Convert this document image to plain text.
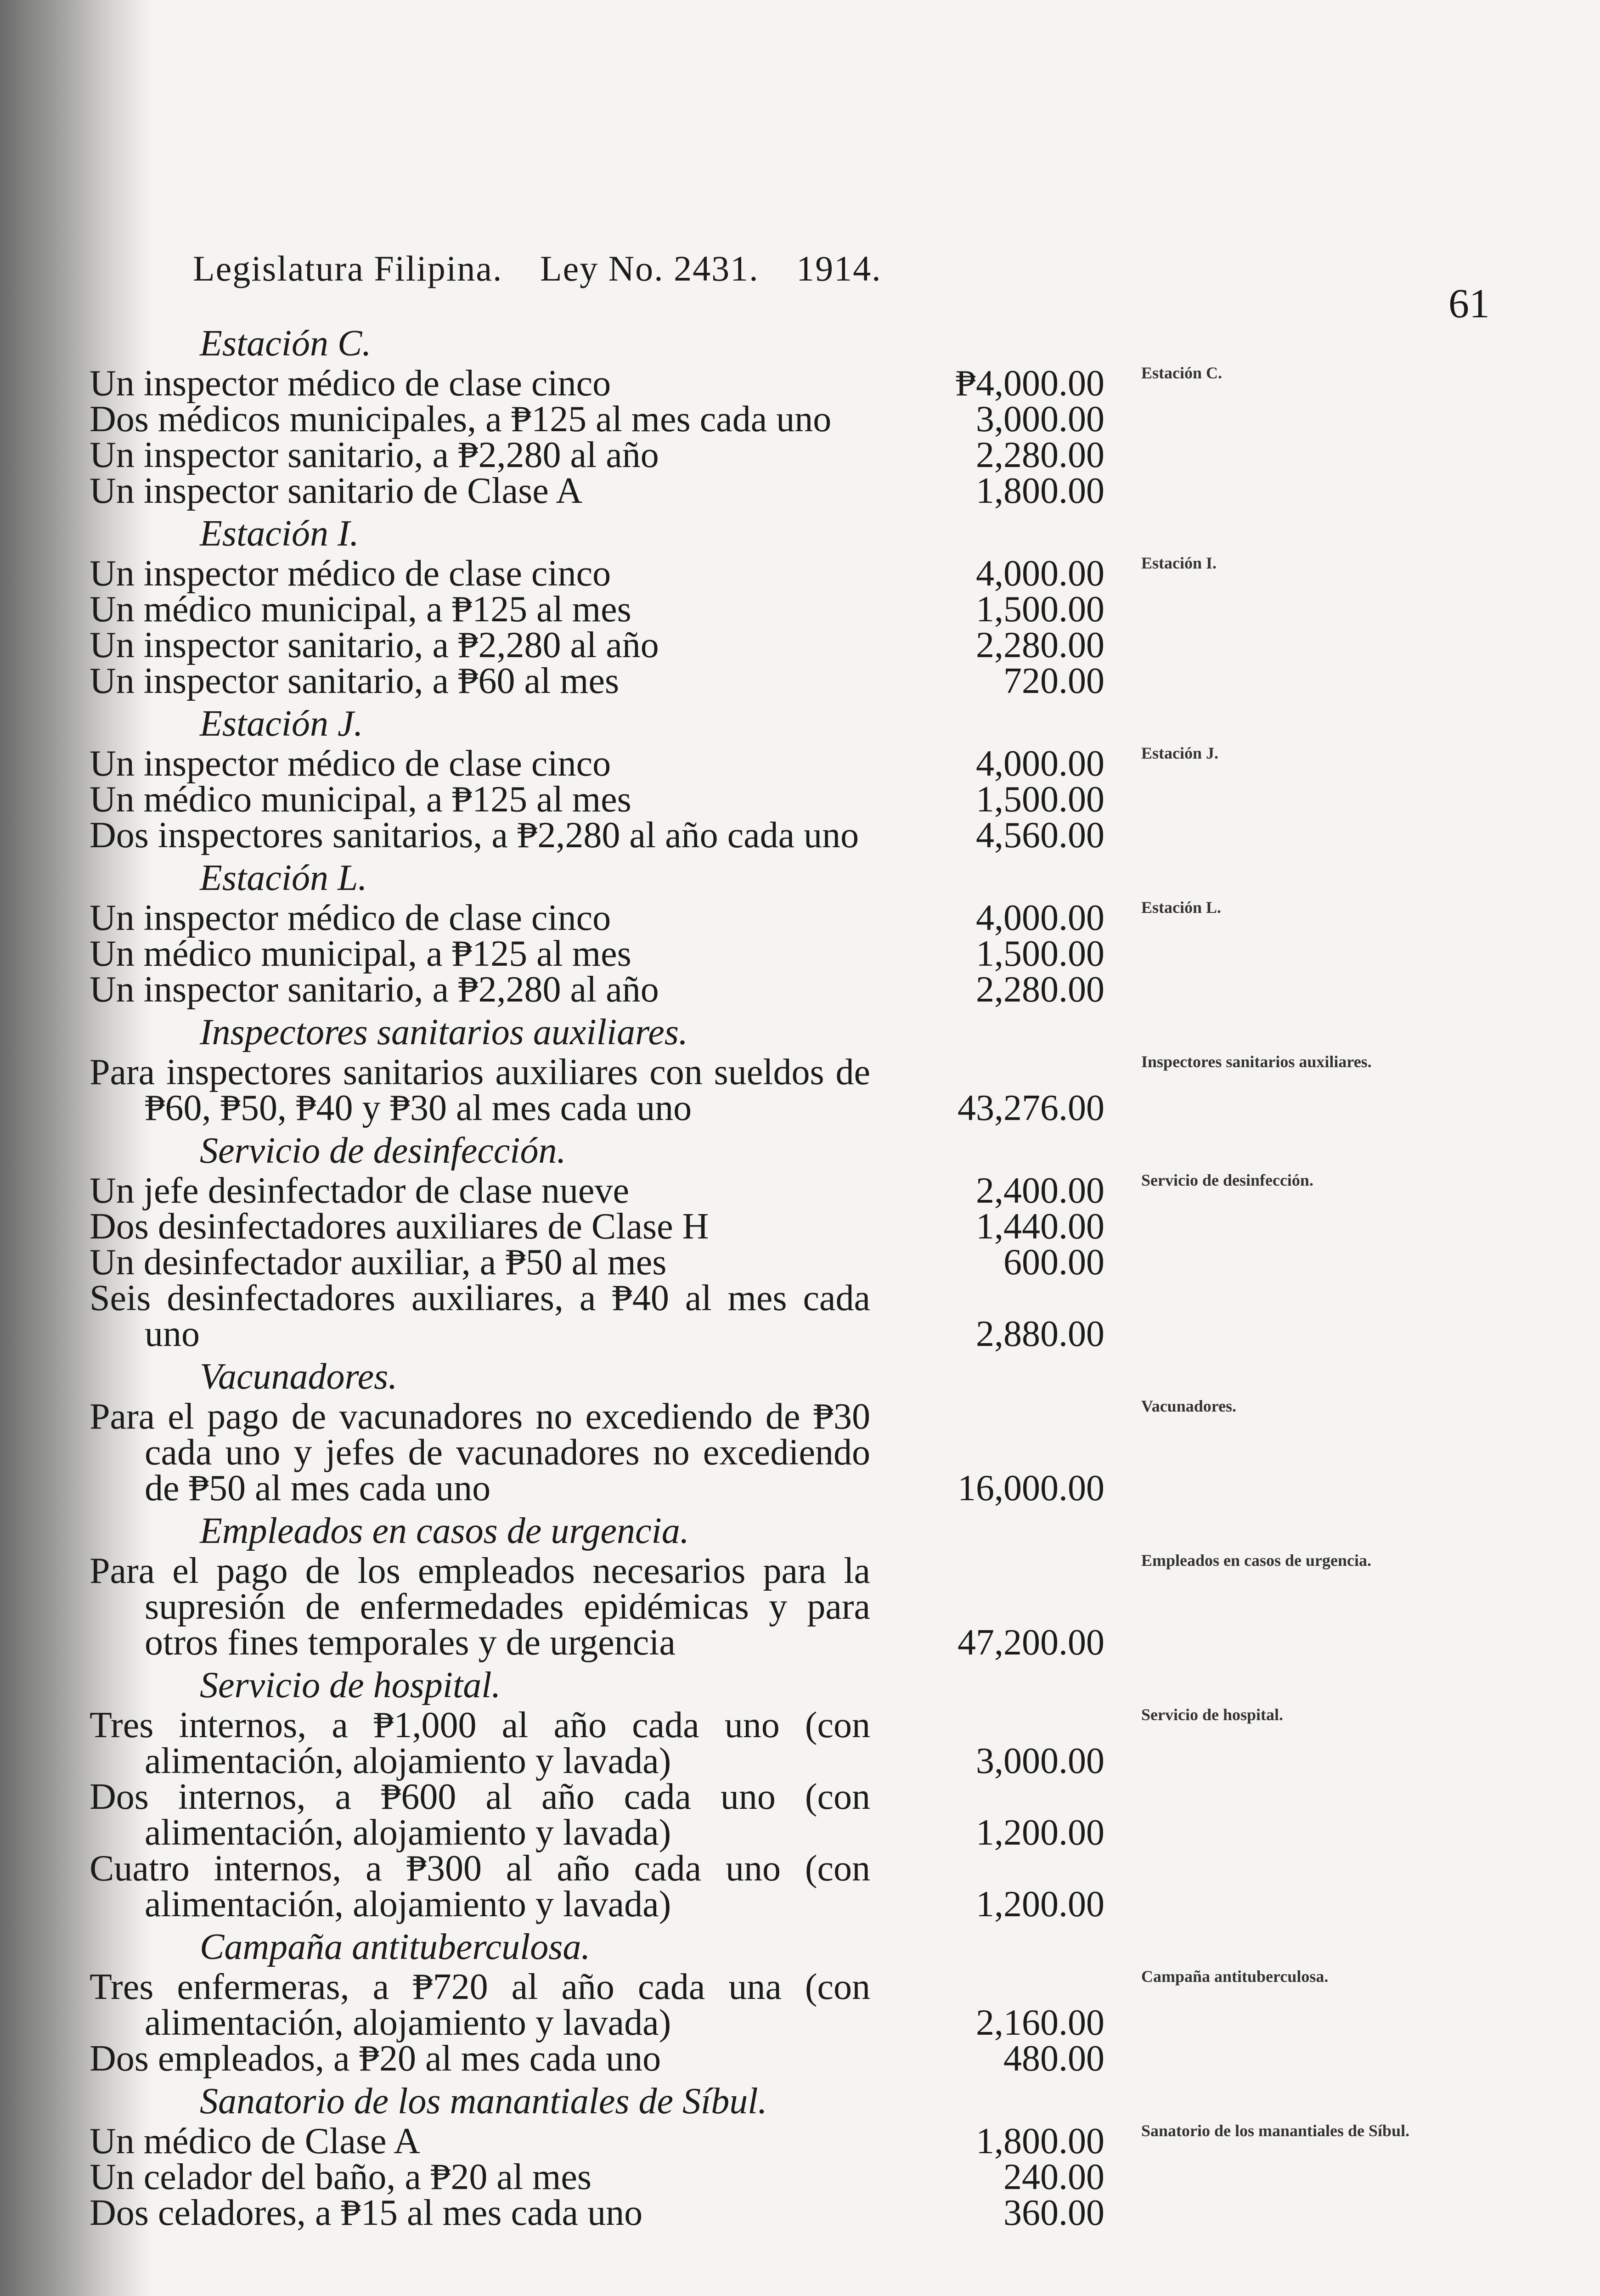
Legislatura Filipina. Ley No. 2431. 1914.
61
Estación C.
Estación C.
Un inspector médico de clase cinco	₱4,000.00
Dos médicos municipales, a ₱125 al mes cada uno	3,000.00
Un inspector sanitario, a ₱2,280 al año	2,280.00
Un inspector sanitario de Clase A	1,800.00
Estación I.
Estación I.
Un inspector médico de clase cinco	4,000.00
Un médico municipal, a ₱125 al mes	1,500.00
Un inspector sanitario, a ₱2,280 al año	2,280.00
Un inspector sanitario, a ₱60 al mes	720.00
Estación J.
Estación J.
Un inspector médico de clase cinco	4,000.00
Un médico municipal, a ₱125 al mes	1,500.00
Dos inspectores sanitarios, a ₱2,280 al año cada uno	4,560.00
Estación L.
Estación L.
Un inspector médico de clase cinco	4,000.00
Un médico municipal, a ₱125 al mes	1,500.00
Un inspector sanitario, a ₱2,280 al año	2,280.00
Inspectores sanitarios auxiliares.
Inspectores sanitarios auxiliares.
Para inspectores sanitarios auxiliares con sueldos de ₱60, ₱50, ₱40 y ₱30 al mes cada uno	43,276.00
Servicio de desinfección.
Servicio de desinfección.
Un jefe desinfectador de clase nueve	2,400.00
Dos desinfectadores auxiliares de Clase H	1,440.00
Un desinfectador auxiliar, a ₱50 al mes	600.00
Seis desinfectadores auxiliares, a ₱40 al mes cada uno	2,880.00
Vacunadores.
Vacunadores.
Para el pago de vacunadores no excediendo de ₱30 cada uno y jefes de vacunadores no excediendo de ₱50 al mes cada uno	16,000.00
Empleados en casos de urgencia.
Empleados en casos de urgencia.
Para el pago de los empleados necesarios para la supresión de enfermedades epidémicas y para otros fines temporales y de urgencia	47,200.00
Servicio de hospital.
Servicio de hospital.
Tres internos, a ₱1,000 al año cada uno (con alimentación, alojamiento y lavada)	3,000.00
Dos internos, a ₱600 al año cada uno (con alimentación, alojamiento y lavada)	1,200.00
Cuatro internos, a ₱300 al año cada uno (con alimentación, alojamiento y lavada)	1,200.00
Campaña antituberculosa.
Campaña antituberculosa.
Tres enfermeras, a ₱720 al año cada una (con alimentación, alojamiento y lavada)	2,160.00
Dos empleados, a ₱20 al mes cada uno	480.00
Sanatorio de los manantiales de Síbul.
Sanatorio de los manantiales de Síbul.
Un médico de Clase A	1,800.00
Un celador del baño, a ₱20 al mes	240.00
Dos celadores, a ₱15 al mes cada uno	360.00
